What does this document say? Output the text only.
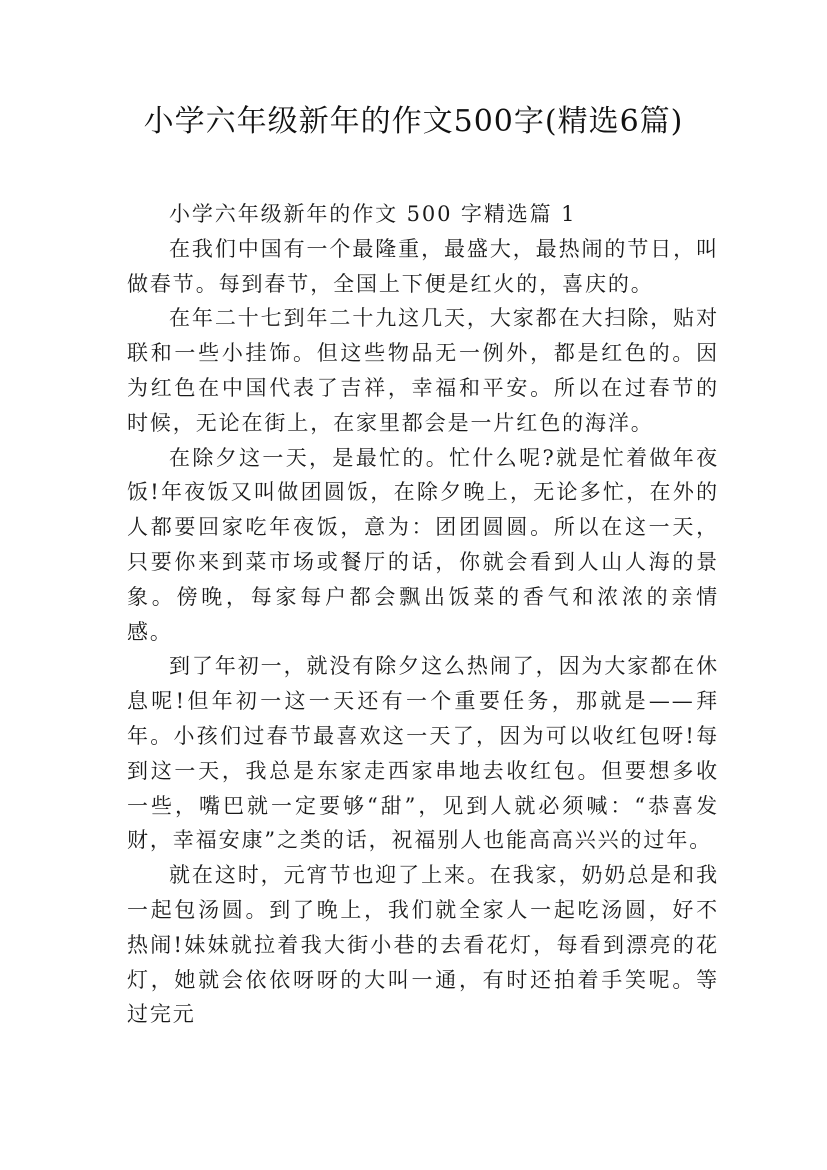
小学六年级新年的作文500字(精选6篇)

小学六年级新年的作文 500 字精选篇 1

在我们中国有一个最隆重，最盛大，最热闹的节日，叫做春节。每到春节，全国上下便是红火的，喜庆的。

在年二十七到年二十九这几天，大家都在大扫除，贴对联和一些小挂饰。但这些物品无一例外，都是红色的。因为红色在中国代表了吉祥，幸福和平安。所以在过春节的时候，无论在街上，在家里都会是一片红色的海洋。

在除夕这一天，是最忙的。忙什么呢?就是忙着做年夜饭!年夜饭又叫做团圆饭，在除夕晚上，无论多忙，在外的人都要回家吃年夜饭，意为：团团圆圆。所以在这一天，只要你来到菜市场或餐厅的话，你就会看到人山人海的景象。傍晚，每家每户都会飘出饭菜的香气和浓浓的亲情感。

到了年初一，就没有除夕这么热闹了，因为大家都在休息呢!但年初一这一天还有一个重要任务，那就是——拜年。小孩们过春节最喜欢这一天了，因为可以收红包呀!每到这一天，我总是东家走西家串地去收红包。但要想多收一些，嘴巴就一定要够“甜”，见到人就必须喊：“恭喜发财，幸福安康”之类的话，祝福别人也能高高兴兴的过年。

就在这时，元宵节也迎了上来。在我家，奶奶总是和我一起包汤圆。到了晚上，我们就全家人一起吃汤圆，好不热闹!妹妹就拉着我大街小巷的去看花灯，每看到漂亮的花灯，她就会依依呀呀的大叫一通，有时还拍着手笑呢。等过完元
